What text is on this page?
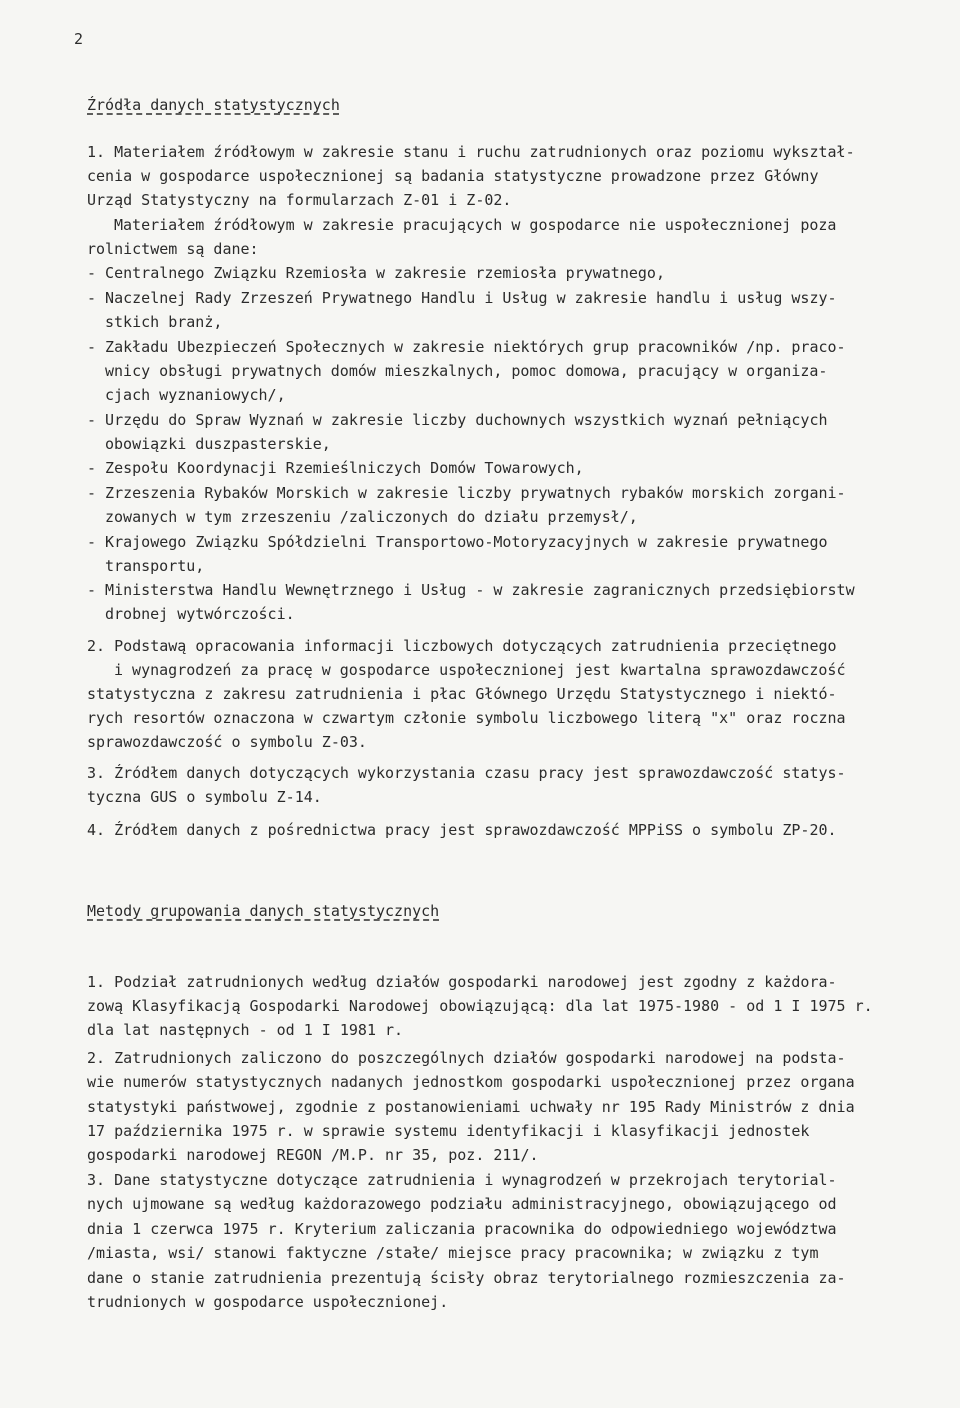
2
Źródła danych statystycznych
1. Materiałem źródłowym w zakresie stanu i ruchu zatrudnionych oraz poziomu wykształ-
cenia w gospodarce uspołecznionej są badania statystyczne prowadzone przez Główny
Urząd Statystyczny na formularzach Z-01 i Z-02.
Materiałem źródłowym w zakresie pracujących w gospodarce nie uspołecznionej poza
rolnictwem są dane:
- Centralnego Związku Rzemiosła w zakresie rzemiosła prywatnego,
- Naczelnej Rady Zrzeszeń Prywatnego Handlu i Usług w zakresie handlu i usług wszy-
stkich branż,
- Zakładu Ubezpieczeń Społecznych w zakresie niektórych grup pracowników /np. praco-
wnicy obsługi prywatnych domów mieszkalnych, pomoc domowa, pracujący w organiza-
cjach wyznaniowych/,
- Urzędu do Spraw Wyznań w zakresie liczby duchownych wszystkich wyznań pełniących
obowiązki duszpasterskie,
- Zespołu Koordynacji Rzemieślniczych Domów Towarowych,
- Zrzeszenia Rybaków Morskich w zakresie liczby prywatnych rybaków morskich zorgani-
zowanych w tym zrzeszeniu /zaliczonych do działu przemysł/,
- Krajowego Związku Spółdzielni Transportowo-Motoryzacyjnych w zakresie prywatnego
transportu,
- Ministerstwa Handlu Wewnętrznego i Usług - w zakresie zagranicznych przedsiębiorstw
drobnej wytwórczości.
2. Podstawą opracowania informacji liczbowych dotyczących zatrudnienia przeciętnego
i wynagrodzeń za pracę w gospodarce uspołecznionej jest kwartalna sprawozdawczość
statystyczna z zakresu zatrudnienia i płac Głównego Urzędu Statystycznego i niektó-
rych resortów oznaczona w czwartym członie symbolu liczbowego literą "x" oraz roczna
sprawozdawczość o symbolu Z-03.
3. Źródłem danych dotyczących wykorzystania czasu pracy jest sprawozdawczość statys-
tyczna GUS o symbolu Z-14.
4. Źródłem danych z pośrednictwa pracy jest sprawozdawczość MPPiSS o symbolu ZP-20.
Metody grupowania danych statystycznych
1. Podział zatrudnionych według działów gospodarki narodowej jest zgodny z każdora-
zową Klasyfikacją Gospodarki Narodowej obowiązującą: dla lat 1975-1980 - od 1 I 1975 r.
dla lat następnych - od 1 I 1981 r.
2. Zatrudnionych zaliczono do poszczególnych działów gospodarki narodowej na podsta-
wie numerów statystycznych nadanych jednostkom gospodarki uspołecznionej przez organa
statystyki państwowej, zgodnie z postanowieniami uchwały nr 195 Rady Ministrów z dnia
17 października 1975 r. w sprawie systemu identyfikacji i klasyfikacji jednostek
gospodarki narodowej REGON /M.P. nr 35, poz. 211/.
3. Dane statystyczne dotyczące zatrudnienia i wynagrodzeń w przekrojach terytorial-
nych ujmowane są według każdorazowego podziału administracyjnego, obowiązującego od
dnia 1 czerwca 1975 r. Kryterium zaliczania pracownika do odpowiedniego województwa
/miasta, wsi/ stanowi faktyczne /stałe/ miejsce pracy pracownika; w związku z tym
dane o stanie zatrudnienia prezentują ścisły obraz terytorialnego rozmieszczenia za-
trudnionych w gospodarce uspołecznionej.
